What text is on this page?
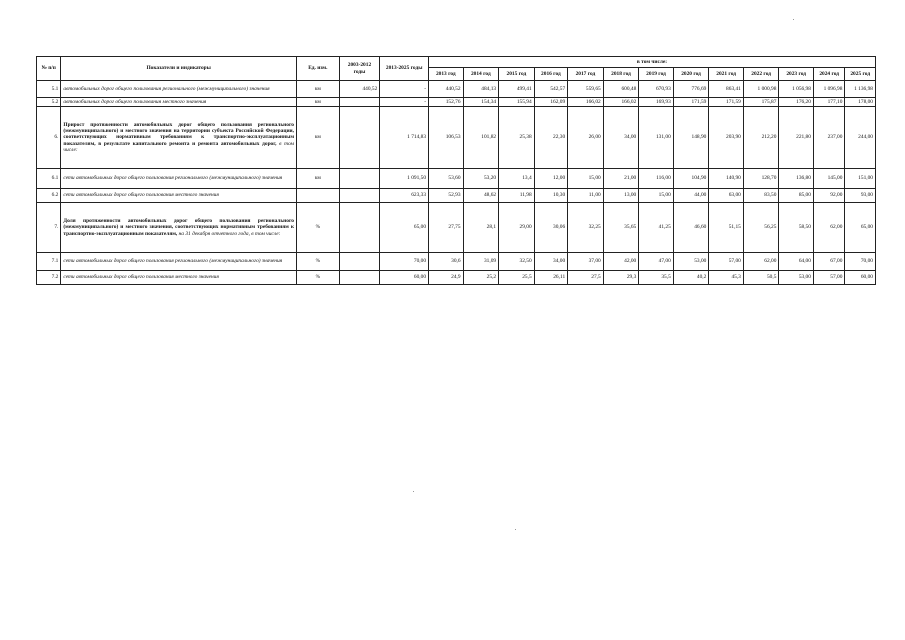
№ п/п	Показатели и индикаторы	Ед. изм.	2003-2012 годы	2013-2025 годы	в том числе:												
					2013 год	2014 год	2015 год	2016 год	2017 год	2018 год	2019 год	2020 год	2021 год	2022 год	2023 год	2024 год	2025 год
5.1	автомобильных дорог общего пользования регионального (межмуниципального) значения	км	440,52	-	440,52	484,13	499,41	542,57	559,65	600,48	670,93	776,69	863,41	1 000,98	1 056,98	1 096,98	1 136,98
5.2	автомобильных дорог общего пользования местного значения	км		-	152,76	154,34	155,94	162,09	166,02	166,02	169,93	171,59	171,59	175,87	176,20	177,10	178,00
6.	Прирост протяженности автомобильных дорог общего пользования регионального (межмуниципального) и местного значения на территории субъекта Российской Федерации, соответствующих нормативным требованиям к транспортно-эксплуатационным показателям, в результате капитального ремонта и ремонта автомобильных дорог, в том числе:	км		1 714,83	106,53	101,82	25,38	22,30	26,00	34,00	131,00	148,90	203,90	212,20	221,80	237,00	244,00
6.1	сети автомобильных дорог общего пользования регионального (межмуниципального) значения	км		1 091,50	53,60	53,20	13,4	12,00	15,00	21,00	116,00	104,90	140,90	128,70	136,80	145,00	151,00
6.2	сети автомобильных дорог общего пользования местного значения			623,33	52,93	48,62	11,98	10,30	11,00	13,00	15,00	44,00	63,00	83,50	85,00	92,00	93,00
7.	Доля протяженности автомобильных дорог общего пользования регионального (межмуниципального) и местного значения, соответствующих нормативным требованиям к транспортно-эксплуатационным показателям, на 31 декабря отчетного года, в том числе:	%		65,00	27,75	28,1	29,00	30,06	32,25	35,65	41,25	46,60	51,15	56,25	58,50	62,00	65,00
7.1	сети автомобильных дорог общего пользования регионального (межмуниципального) значения	%		70,00	30,6	31,09	32,50	34,00	37,00	42,00	47,00	53,00	57,00	62,00	64,00	67,00	70,00
7.2	сети автомобильных дорог общего пользования местного значения	%		60,00	24,9	25,2	25,5	26,11	27,5	29,3	35,5	40,2	45,3	50,5	53,00	57,00	60,00
